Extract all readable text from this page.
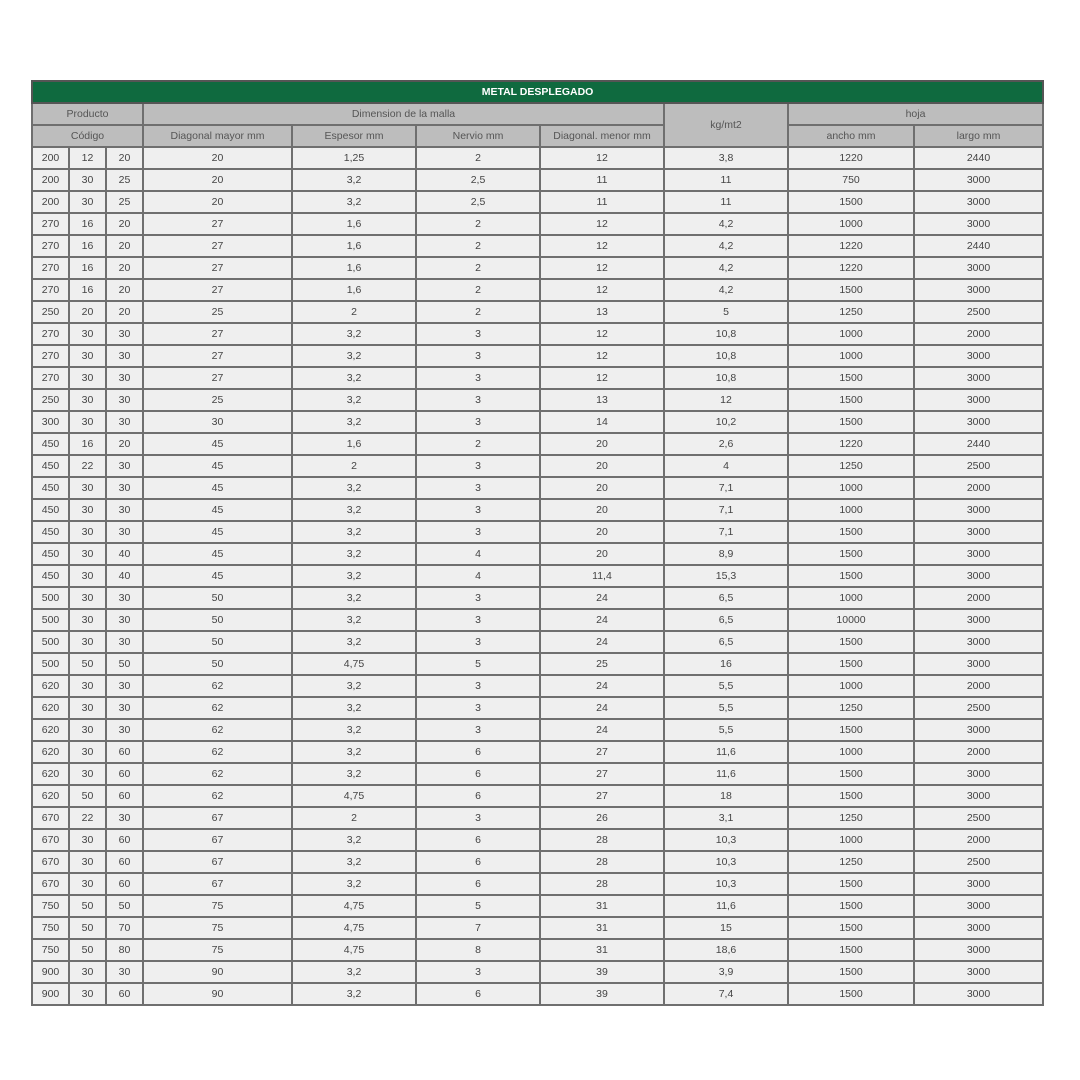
METAL DESPLEGADO									
Producto			Dimension de la malla				kg/mt2	hoja	
Código			Diagonal mayor mm	Espesor mm	Nervio mm	Diagonal. menor mm		ancho mm	largo mm
200	12	20	20	1,25	2	12	3,8	1220	2440
200	30	25	20	3,2	2,5	11	11	750	3000
200	30	25	20	3,2	2,5	11	11	1500	3000
270	16	20	27	1,6	2	12	4,2	1000	3000
270	16	20	27	1,6	2	12	4,2	1220	2440
270	16	20	27	1,6	2	12	4,2	1220	3000
270	16	20	27	1,6	2	12	4,2	1500	3000
250	20	20	25	2	2	13	5	1250	2500
270	30	30	27	3,2	3	12	10,8	1000	2000
270	30	30	27	3,2	3	12	10,8	1000	3000
270	30	30	27	3,2	3	12	10,8	1500	3000
250	30	30	25	3,2	3	13	12	1500	3000
300	30	30	30	3,2	3	14	10,2	1500	3000
450	16	20	45	1,6	2	20	2,6	1220	2440
450	22	30	45	2	3	20	4	1250	2500
450	30	30	45	3,2	3	20	7,1	1000	2000
450	30	30	45	3,2	3	20	7,1	1000	3000
450	30	30	45	3,2	3	20	7,1	1500	3000
450	30	40	45	3,2	4	20	8,9	1500	3000
450	30	40	45	3,2	4	11,4	15,3	1500	3000
500	30	30	50	3,2	3	24	6,5	1000	2000
500	30	30	50	3,2	3	24	6,5	10000	3000
500	30	30	50	3,2	3	24	6,5	1500	3000
500	50	50	50	4,75	5	25	16	1500	3000
620	30	30	62	3,2	3	24	5,5	1000	2000
620	30	30	62	3,2	3	24	5,5	1250	2500
620	30	30	62	3,2	3	24	5,5	1500	3000
620	30	60	62	3,2	6	27	11,6	1000	2000
620	30	60	62	3,2	6	27	11,6	1500	3000
620	50	60	62	4,75	6	27	18	1500	3000
670	22	30	67	2	3	26	3,1	1250	2500
670	30	60	67	3,2	6	28	10,3	1000	2000
670	30	60	67	3,2	6	28	10,3	1250	2500
670	30	60	67	3,2	6	28	10,3	1500	3000
750	50	50	75	4,75	5	31	11,6	1500	3000
750	50	70	75	4,75	7	31	15	1500	3000
750	50	80	75	4,75	8	31	18,6	1500	3000
900	30	30	90	3,2	3	39	3,9	1500	3000
900	30	60	90	3,2	6	39	7,4	1500	3000
